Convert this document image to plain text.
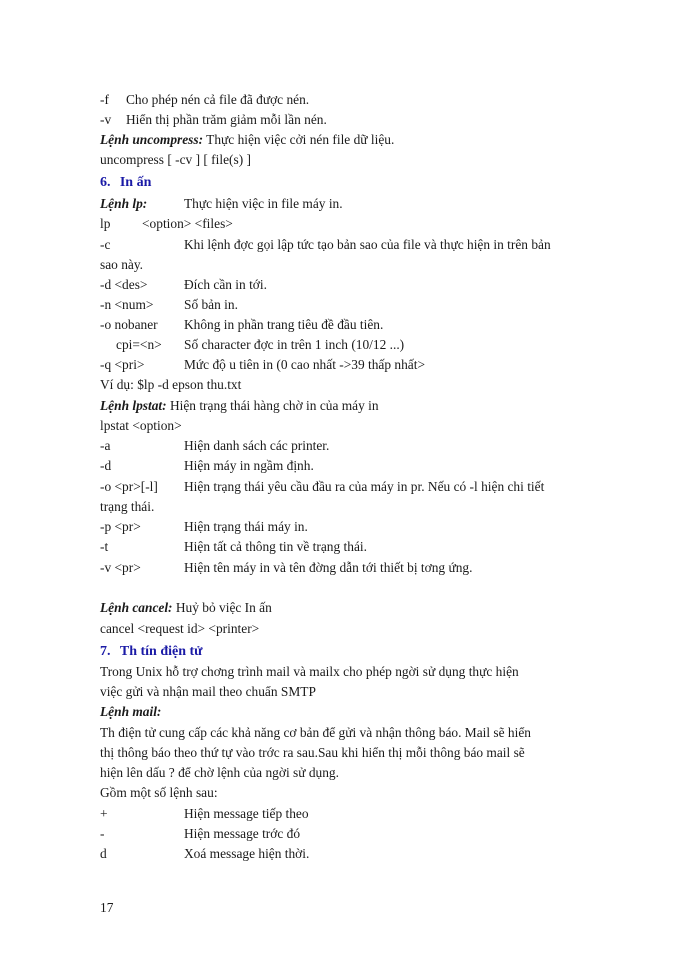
-f Cho phép nén cả file đã được nén.
-v Hiển thị phần trăm giảm mỗi lần nén.
Lệnh uncompress: Thực hiện việc cởi nén file dữ liệu.
uncompress [ -cv ] [ file(s) ]
6. In ấn
Lệnh lp:	Thực hiện việc in file máy in.
lp <option> <files>
-c	Khi lệnh đợc gọi lập tức tạo bản sao của file và thực hiện in trên bản
sao này.
-d <des>	Đích cần in tới.
-n <num> Số bản in.
-o nobaner Không in phần trang tiêu đề đầu tiên.
cpi=<n> Số character đợc in trên 1 inch (10/12 ...)
-q <pri>	Mức độ u tiên in (0 cao nhất ->39 thấp nhất>
Ví dụ: $lp -d epson thu.txt
Lệnh lpstat: Hiện trạng thái hàng chờ in của máy in
lpstat <option>
-a	Hiện danh sách các printer.
-d	Hiện máy in ngầm định.
-o <pr>[-l] Hiện trạng thái yêu cầu đầu ra của máy in pr. Nếu có -l hiện chi tiết
trạng thái.
-p <pr>	Hiện trạng thái máy in.
-t	Hiện tất cả thông tin về trạng thái.
-v <pr>	Hiện tên máy in và tên đờng dẫn tới thiết bị tơng ứng.
Lệnh cancel: Huỷ bỏ việc In ấn
cancel <request id> <printer>
7. Th tín điện tử
Trong Unix hỗ trợ chơng trình mail và mailx cho phép ngời sử dụng thực hiện
việc gửi và nhận mail theo chuẩn SMTP
Lệnh mail:
Th điện tử cung cấp các khả năng cơ bản để gửi và nhận thông báo. Mail sẽ hiển
thị thông báo theo thứ tự vào trớc ra sau.Sau khi hiển thị mỗi thông báo mail sẽ
hiện lên dấu ? để chờ lệnh của ngời sử dụng.
Gồm một số lệnh sau:
+	Hiện message tiếp theo
-	Hiện message trớc đó
d	Xoá message hiện thời.
17
